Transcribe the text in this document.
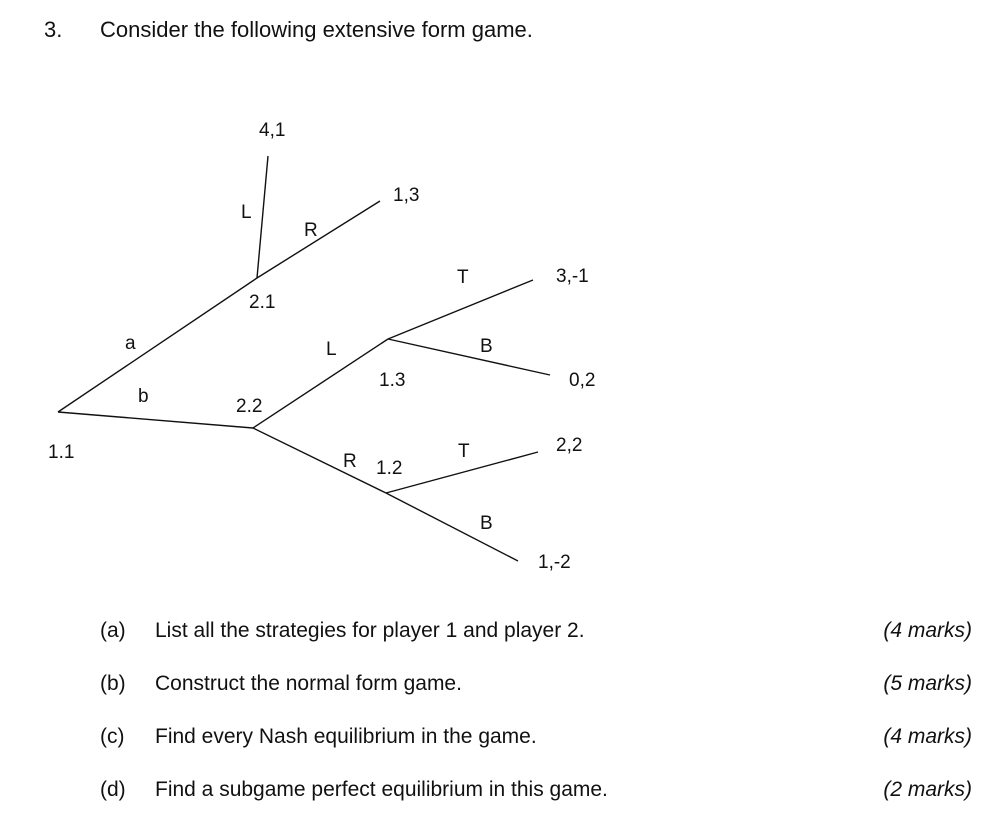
3. Consider the following extensive form game.
1.1
2.1
2.2
1.3
1.2
a
b
L
R
L
R
T
B
T
B
4,1
1,3
3,-1
0,2
2,2
1,-2
(a) List all the strategies for player 1 and player 2.	(4 marks)
(b) Construct the normal form game.	(5 marks)
(c) Find every Nash equilibrium in the game.	(4 marks)
(d) Find a subgame perfect equilibrium in this game.	(2 marks)
